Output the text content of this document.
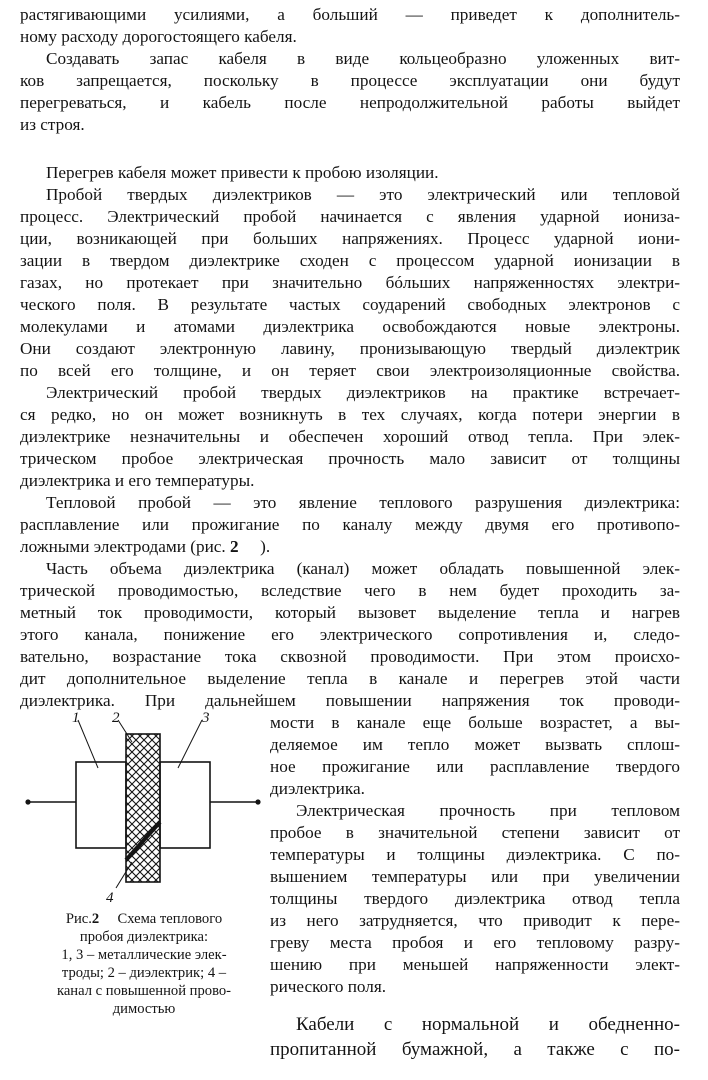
растягивающими усилиями, а больший — приведет к дополнитель-
ному расходу дорогостоящего кабеля.
Создавать запас кабеля в виде кольцеобразно уложенных вит-
ков запрещается, поскольку в процессе эксплуатации они будут
перегреваться, и кабель после непродолжительной работы выйдет
из строя.
Перегрев кабеля может привести к пробою изоляции.
Пробой твердых диэлектриков — это электрический или тепловой
процесс. Электрический пробой начинается с явления ударной иониза-
ции, возникающей при больших напряжениях. Процесс ударной иони-
зации в твердом диэлектрике сходен с процессом ударной ионизации в
газах, но протекает при значительно бóльших напряженностях электри-
ческого поля. В результате частых соударений свободных электронов с
молекулами и атомами диэлектрика освобождаются новые электроны.
Они создают электронную лавину, пронизывающую твердый диэлектрик
по всей его толщине, и он теряет свои электроизоляционные свойства.
Электрический пробой твердых диэлектриков на практике встречает-
ся редко, но он может возникнуть в тех случаях, когда потери энергии в
диэлектрике незначительны и обеспечен хороший отвод тепла. При элек-
трическом пробое электрическая прочность мало зависит от толщины
диэлектрика и его температуры.
Тепловой пробой — это явление теплового разрушения диэлектрика:
расплавление или прожигание по каналу между двумя его противопо-
ложными электродами (рис. 2 ).
Часть объема диэлектрика (канал) может обладать повышенной элек-
трической проводимостью, вследствие чего в нем будет проходить за-
метный ток проводимости, который вызовет выделение тепла и нагрев
этого канала, понижение его электрического сопротивления и, следо-
вательно, возрастание тока сквозной проводимости. При этом происхо-
дит дополнительное выделение тепла в канале и перегрев этой части
диэлектрика. При дальнейшем повышении напряжения ток проводи-
1 2	3
4
Рис.2 Схема теплового
пробоя диэлектрика:
1, 3 – металлические элек-
троды; 2 – диэлектрик; 4 –
канал с повышенной прово-
димостью
мости в канале еще больше возрастет, а вы-
деляемое им тепло может вызвать сплош-
ное прожигание или расплавление твердого
диэлектрика.
Электрическая прочность при тепловом
пробое в значительной степени зависит от
температуры и толщины диэлектрика. С по-
вышением температуры или при увеличении
толщины твердого диэлектрика отвод тепла
из него затрудняется, что приводит к пере-
греву места пробоя и его тепловому разру-
шению при меньшей напряженности элект-
рического поля.
Кабели с нормальной и обедненно-
пропитанной бумажной, а также с по-
